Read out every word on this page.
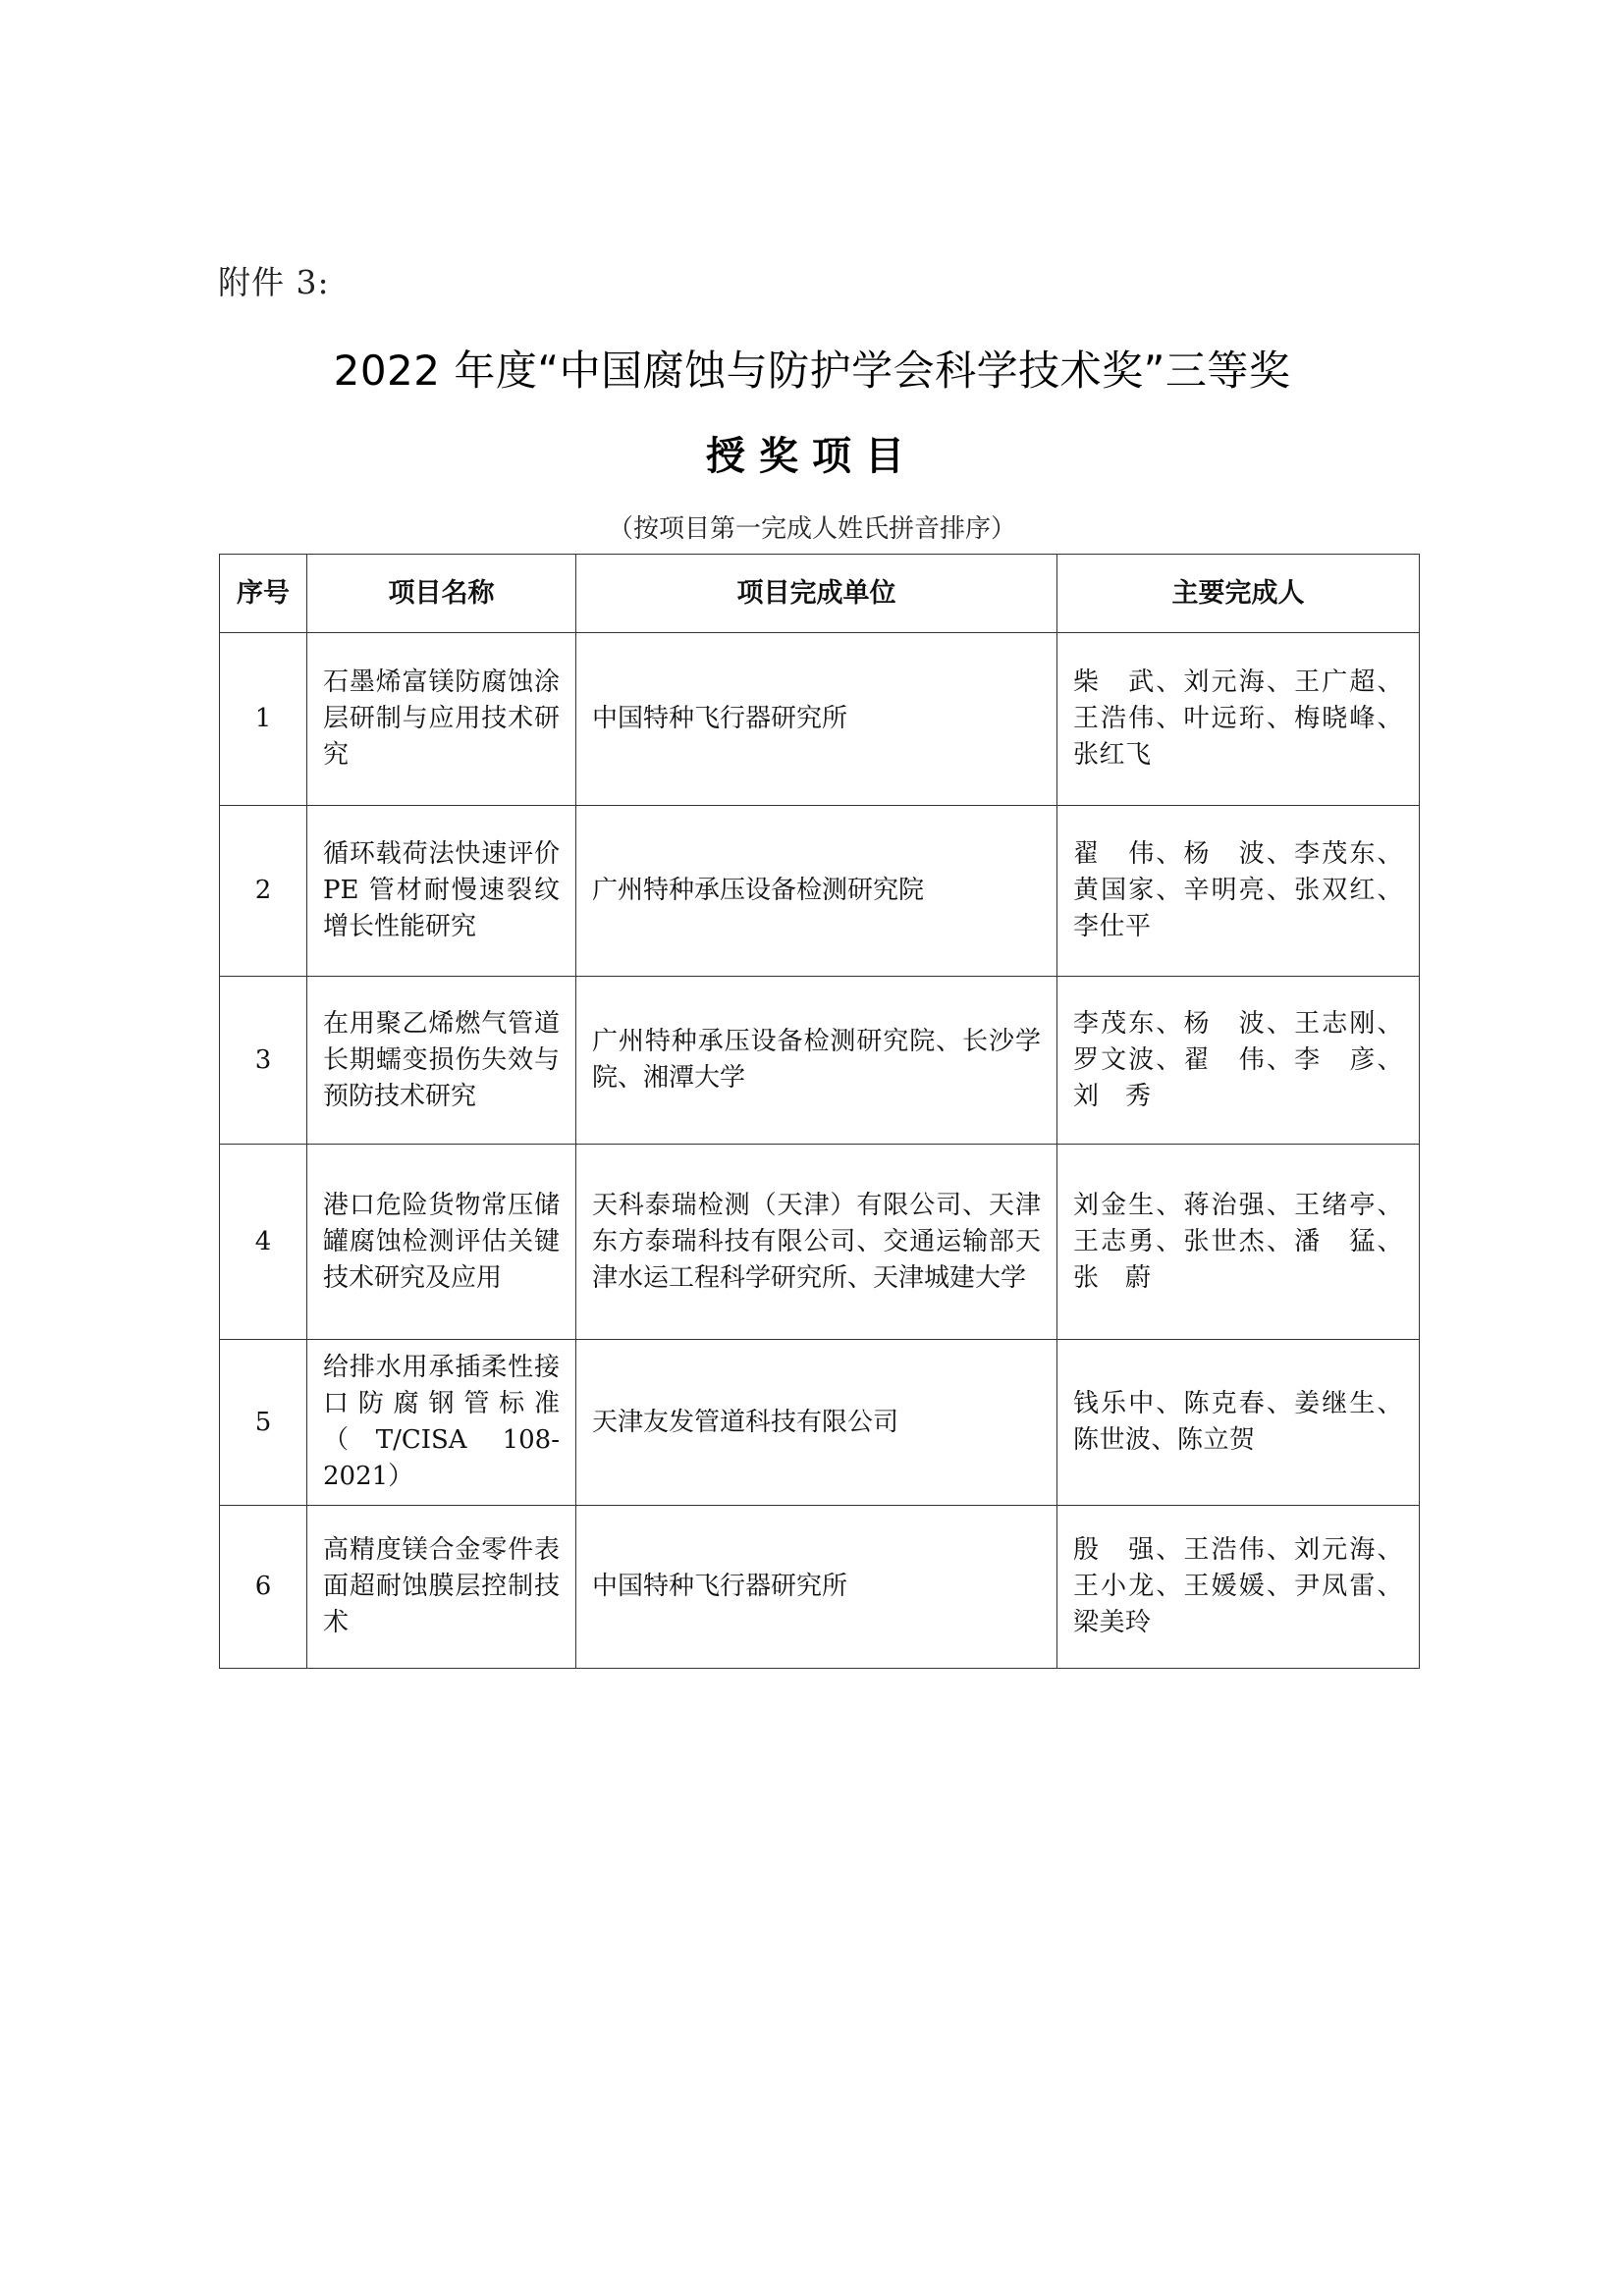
附件 3:
2022 年度“中国腐蚀与防护学会科学技术奖”三等奖
授奖项目
（按项目第一完成人姓氏拼音排序）
序号	项目名称	项目完成单位	主要完成人
1	石墨烯富镁防腐蚀涂层研制与应用技术研究	中国特种飞行器研究所	柴　武、刘元海、王广超、王浩伟、叶远珩、梅晓峰、张红飞
2	循环载荷法快速评价 PE 管材耐慢速裂纹增长性能研究	广州特种承压设备检测研究院	翟　伟、杨　波、李茂东、黄国家、辛明亮、张双红、李仕平
3	在用聚乙烯燃气管道长期蠕变损伤失效与预防技术研究	广州特种承压设备检测研究院、长沙学院、湘潭大学	李茂东、杨　波、王志刚、罗文波、翟　伟、李　彦、刘　秀
4	港口危险货物常压储罐腐蚀检测评估关键技术研究及应用	天科泰瑞检测（天津）有限公司、天津东方泰瑞科技有限公司、交通运输部天津水运工程科学研究所、天津城建大学	刘金生、蒋治强、王绪亭、王志勇、张世杰、潘　猛、张　蔚
5	给排水用承插柔性接口防腐钢管标准（T/CISA 108-2021）	天津友发管道科技有限公司	钱乐中、陈克春、姜继生、陈世波、陈立贺
6	高精度镁合金零件表面超耐蚀膜层控制技术	中国特种飞行器研究所	殷　强、王浩伟、刘元海、王小龙、王媛媛、尹凤雷、梁美玲
